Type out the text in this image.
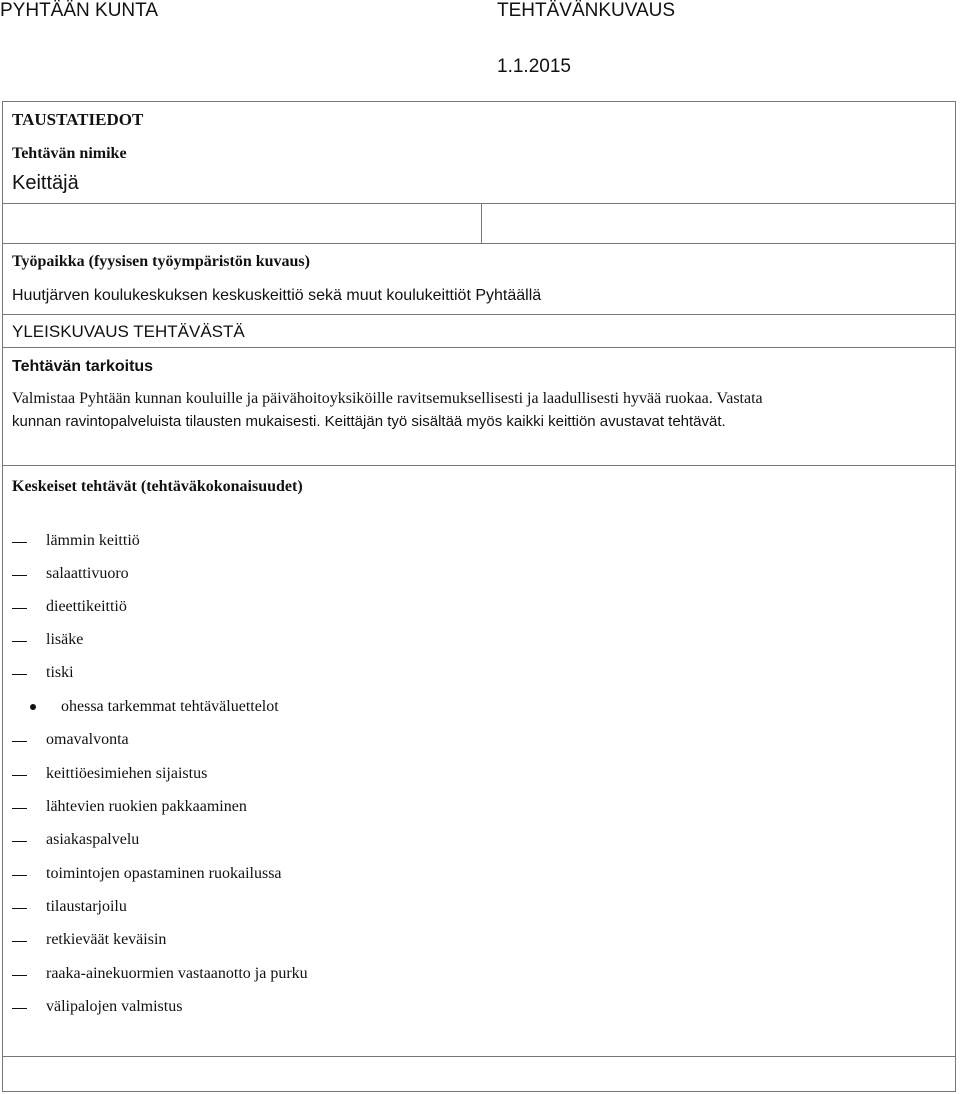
PYHTÄÄN KUNTA	TEHTÄVÄNKUVAUS
1.1.2015
TAUSTATIEDOT
Tehtävän nimike
Keittäjä
Työpaikka (fyysisen työympäristön kuvaus)
Huutjärven koulukeskuksen keskuskeittiö sekä muut koulukeittiöt Pyhtäällä
YLEISKUVAUS TEHTÄVÄSTÄ
Tehtävän tarkoitus
Valmistaa Pyhtään kunnan kouluille ja päivähoitoyksiköille ravitsemuksellisesti ja laadullisesti hyvää ruokaa. Vastata
kunnan ravintopalveluista tilausten mukaisesti. Keittäjän työ sisältää myös kaikki keittiön avustavat tehtävät.
Keskeiset tehtävät (tehtäväkokonaisuudet)
lämmin keittiö
salaattivuoro
dieettikeittiö
lisäke
tiski
ohessa tarkemmat tehtäväluettelot
omavalvonta
keittiöesimiehen sijaistus
lähtevien ruokien pakkaaminen
asiakaspalvelu
toimintojen opastaminen ruokailussa
tilaustarjoilu
retkieväät keväisin
raaka-ainekuormien vastaanotto ja purku
välipalojen valmistus
